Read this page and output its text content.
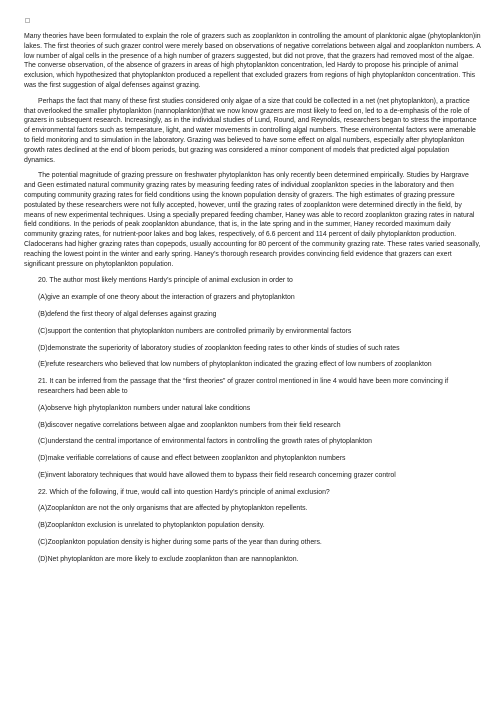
Many theories have been formulated to explain the role of grazers such as zooplankton in controlling the amount of planktonic algae (phytoplankton)in lakes. The first theories of such grazer control were merely based on observations of negative correlations between algal and zooplankton numbers. A low number of algal cells in the presence of a high number of grazers suggested, but did not prove, that the grazers had removed most of the algae. The converse observation, of the absence of grazers in areas of high phytoplankton concentration, led Hardy to propose his principle of animal exclusion, which hypothesized that phytoplankton produced a repellent that excluded grazers from regions of high phytoplankton concentration. This was the first suggestion of algal defenses against grazing.

Perhaps the fact that many of these first studies considered only algae of a size that could be collected in a net (net phytoplankton), a practice that overlooked the smaller phytoplankton (nannoplankton)that we now know grazers are most likely to feed on, led to a de-emphasis of the role of grazers in subsequent research. Increasingly, as in the individual studies of Lund, Round, and Reynolds, researchers began to stress the importance of environmental factors such as temperature, light, and water movements in controlling algal numbers. These environmental factors were amenable to field monitoring and to simulation in the laboratory. Grazing was believed to have some effect on algal numbers, especially after phytoplankton growth rates declined at the end of bloom periods, but grazing was considered a minor component of models that predicted algal population dynamics.

The potential magnitude of grazing pressure on freshwater phytoplankton has only recently been determined empirically. Studies by Hargrave and Geen estimated natural community grazing rates by measuring feeding rates of individual zooplankton species in the laboratory and then computing community grazing rates for field conditions using the known population density of grazers. The high estimates of grazing pressure postulated by these researchers were not fully accepted, however, until the grazing rates of zooplankton were determined directly in the field, by means of new experimental techniques. Using a specially prepared feeding chamber, Haney was able to record zooplankton grazing rates in natural field conditions. In the periods of peak zooplankton abundance, that is, in the late spring and in the summer, Haney recorded maximum daily community grazing rates, for nutrient-poor lakes and bog lakes, respectively, of 6.6 percent and 114 percent of daily phytoplankton production. Cladocerans had higher grazing rates than copepods, usually accounting for 80 percent of the community grazing rate. These rates varied seasonally, reaching the lowest point in the winter and early spring. Haney’s thorough research provides convincing field evidence that grazers can exert significant pressure on phytoplankton population.

20. The author most likely mentions Hardy’s principle of animal exclusion in order to

(A)give an example of one theory about the interaction of grazers and phytoplankton

(B)defend the first theory of algal defenses against grazing

(C)support the contention that phytoplankton numbers are controlled primarily by environmental factors

(D)demonstrate the superiority of laboratory studies of zooplankton feeding rates to other kinds of studies of such rates

(E)refute researchers who believed that low numbers of phytoplankton indicated the grazing effect of low numbers of zooplankton

21. It can be inferred from the passage that the “first theories” of grazer control mentioned in line 4 would have been more convincing if researchers had been able to

(A)observe high phytoplankton numbers under natural lake conditions

(B)discover negative correlations between algae and zooplankton numbers from their field research

(C)understand the central importance of environmental factors in controlling the growth rates of phytoplankton

(D)make verifiable correlations of cause and effect between zooplankton and phytoplankton numbers

(E)invent laboratory techniques that would have allowed them to bypass their field research concerning grazer control

22. Which of the following, if true, would call into question Hardy’s principle of animal exclusion?

(A)Zooplankton are not the only organisms that are affected by phytoplankton repellents.

(B)Zooplankton exclusion is unrelated to phytoplankton population density.

(C)Zooplankton population density is higher during some parts of the year than during others.

(D)Net phytoplankton are more likely to exclude zooplankton than are nannoplankton.
